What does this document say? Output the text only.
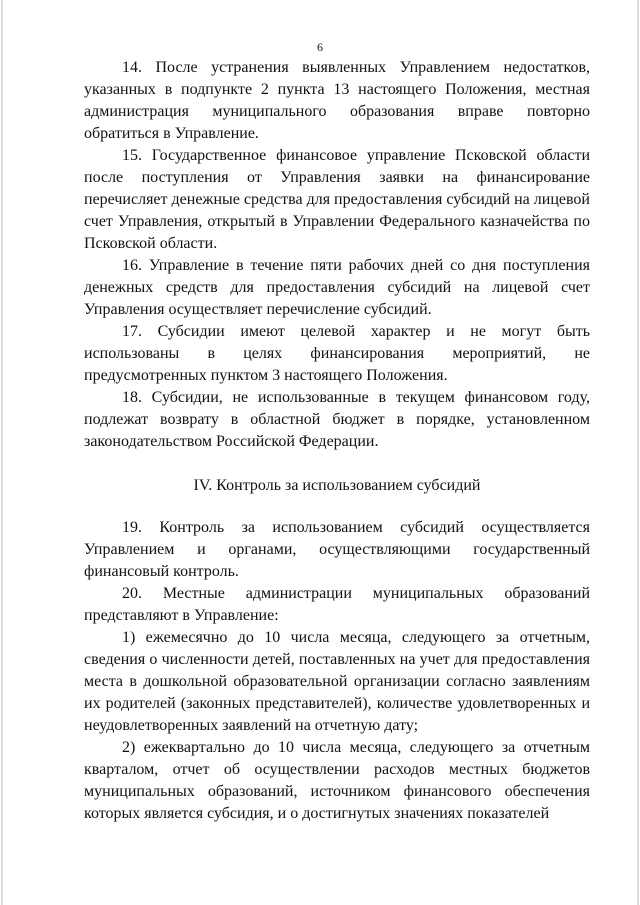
6

14. После устранения выявленных Управлением недостатков, указанных в подпункте 2 пункта 13 настоящего Положения, местная администрация муниципального образования вправе повторно обратиться в Управление.

15. Государственное финансовое управление Псковской области после поступления от Управления заявки на финансирование перечисляет денежные средства для предоставления субсидий на лицевой счет Управления, открытый в Управлении Федерального казначейства по Псковской области.

16. Управление в течение пяти рабочих дней со дня поступления денежных средств для предоставления субсидий на лицевой счет Управления осуществляет перечисление субсидий.

17. Субсидии имеют целевой характер и не могут быть использованы в целях финансирования мероприятий, не предусмотренных пунктом 3 настоящего Положения.

18. Субсидии, не использованные в текущем финансовом году, подлежат возврату в областной бюджет в порядке, установленном законодательством Российской Федерации.

IV. Контроль за использованием субсидий

19. Контроль за использованием субсидий осуществляется Управлением и органами, осуществляющими государственный финансовый контроль.

20. Местные администрации муниципальных образований представляют в Управление:

1) ежемесячно до 10 числа месяца, следующего за отчетным, сведения о численности детей, поставленных на учет для предоставления места в дошкольной образовательной организации согласно заявлениям их родителей (законных представителей), количестве удовлетворенных и неудовлетворенных заявлений на отчетную дату;

2) ежеквартально до 10 числа месяца, следующего за отчетным кварталом, отчет об осуществлении расходов местных бюджетов муниципальных образований, источником финансового обеспечения которых является субсидия, и о достигнутых значениях показателей
